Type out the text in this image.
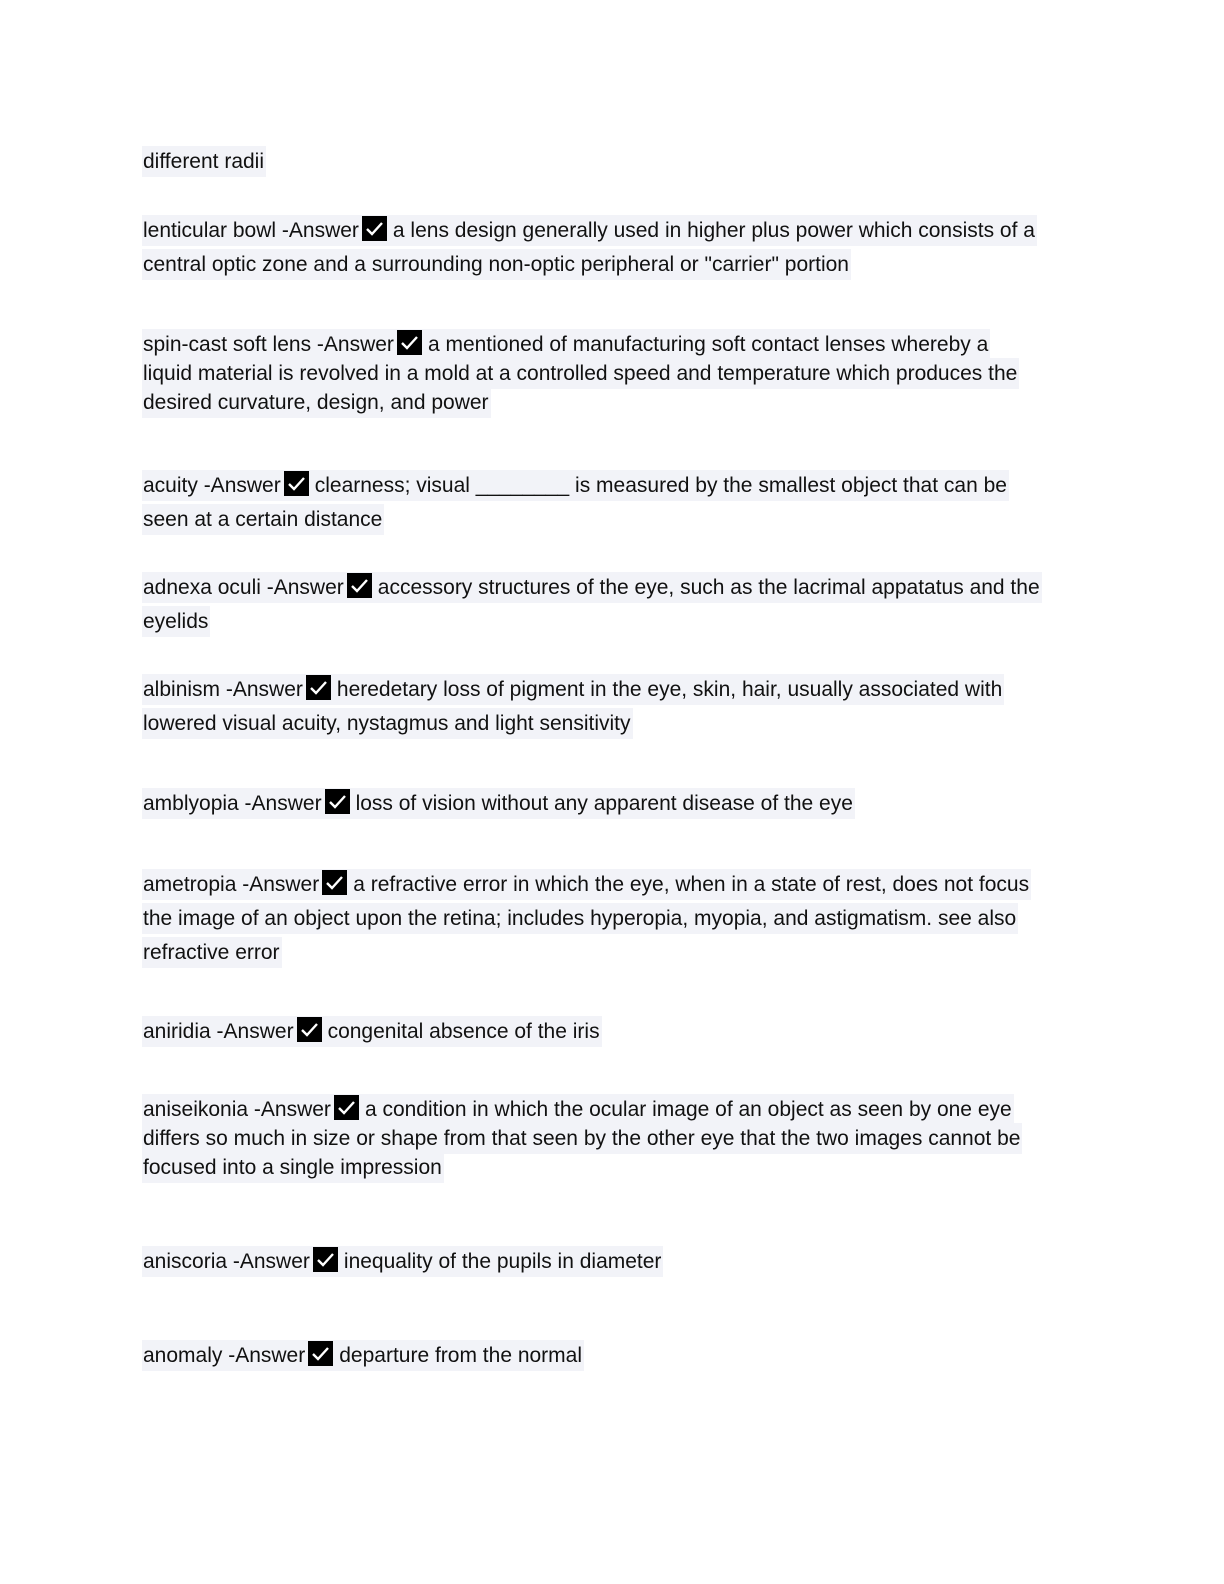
different radii
lenticular bowl -Answer a lens design generally used in higher plus power which consists of a
central optic zone and a surrounding non-optic peripheral or "carrier" portion
spin-cast soft lens -Answer a mentioned of manufacturing soft contact lenses whereby a
liquid material is revolved in a mold at a controlled speed and temperature which produces the
desired curvature, design, and power
acuity -Answer clearness; visual ________ is measured by the smallest object that can be
seen at a certain distance
adnexa oculi -Answer accessory structures of the eye, such as the lacrimal appatatus and the
eyelids
albinism -Answer heredetary loss of pigment in the eye, skin, hair, usually associated with
lowered visual acuity, nystagmus and light sensitivity
amblyopia -Answer loss of vision without any apparent disease of the eye
ametropia -Answer a refractive error in which the eye, when in a state of rest, does not focus
the image of an object upon the retina; includes hyperopia, myopia, and astigmatism. see also
refractive error
aniridia -Answer congenital absence of the iris
aniseikonia -Answer a condition in which the ocular image of an object as seen by one eye
differs so much in size or shape from that seen by the other eye that the two images cannot be
focused into a single impression
aniscoria -Answer inequality of the pupils in diameter
anomaly -Answer departure from the normal
